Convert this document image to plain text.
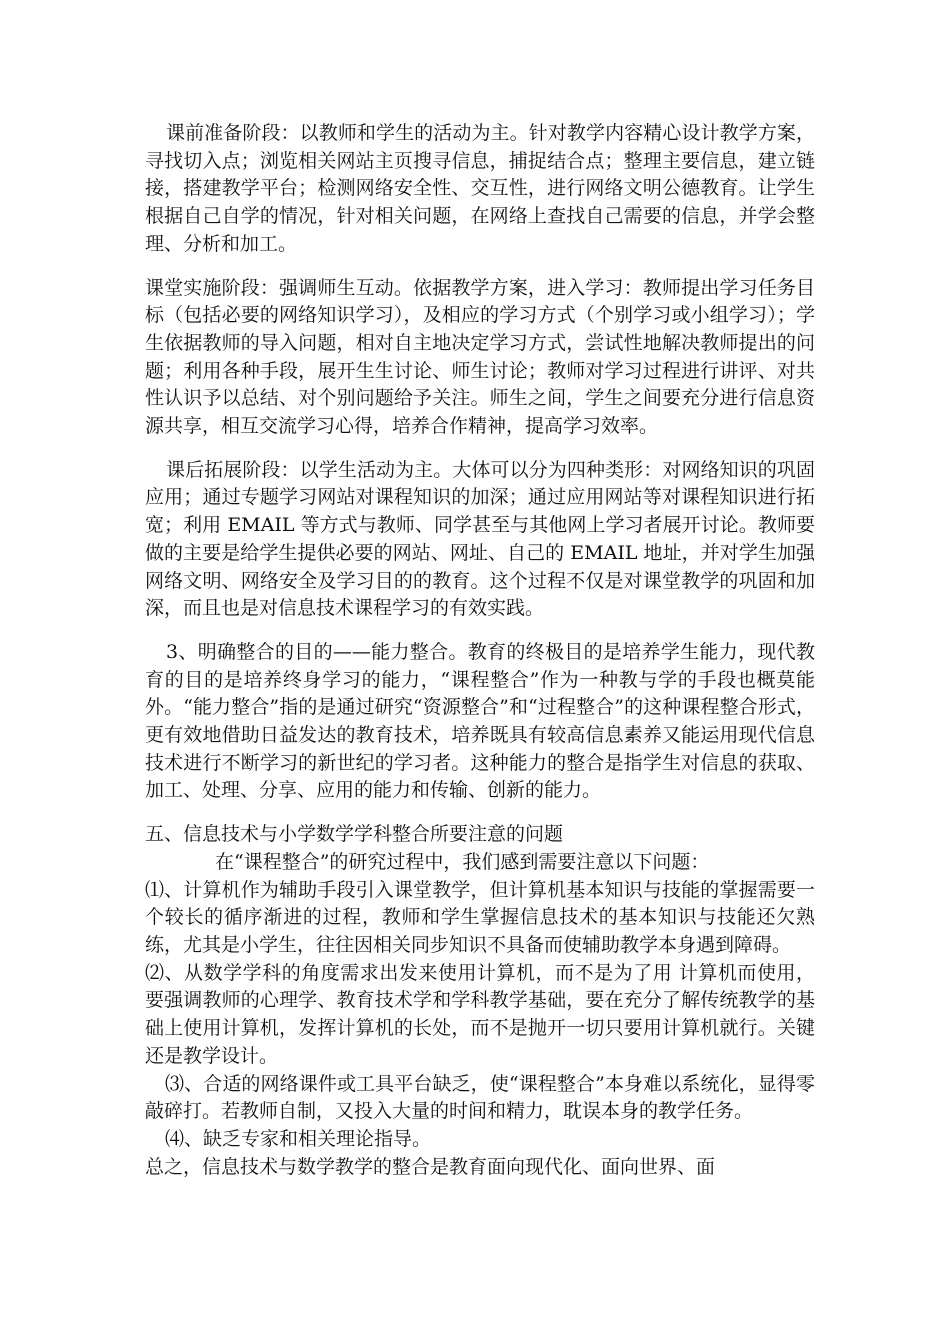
课前准备阶段：以教师和学生的活动为主。针对教学内容精心设计教学方案，寻找切入点；浏览相关网站主页搜寻信息，捕捉结合点；整理主要信息，建立链接，搭建教学平台；检测网络安全性、交互性，进行网络文明公德教育。让学生根据自己自学的情况，针对相关问题，在网络上查找自己需要的信息，并学会整理、分析和加工。

课堂实施阶段：强调师生互动。依据教学方案，进入学习：教师提出学习任务目标（包括必要的网络知识学习），及相应的学习方式（个别学习或小组学习）；学生依据教师的导入问题，相对自主地决定学习方式，尝试性地解决教师提出的问题；利用各种手段，展开生生讨论、师生讨论；教师对学习过程进行讲评、对共性认识予以总结、对个别问题给予关注。师生之间，学生之间要充分进行信息资源共享，相互交流学习心得，培养合作精神，提高学习效率。

课后拓展阶段：以学生活动为主。大体可以分为四种类形：对网络知识的巩固应用；通过专题学习网站对课程知识的加深；通过应用网站等对课程知识进行拓宽；利用 EMAIL 等方式与教师、同学甚至与其他网上学习者展开讨论。教师要做的主要是给学生提供必要的网站、网址、自己的 EMAIL 地址，并对学生加强网络文明、网络安全及学习目的的教育。这个过程不仅是对课堂教学的巩固和加深，而且也是对信息技术课程学习的有效实践。

3、明确整合的目的——能力整合。教育的终极目的是培养学生能力，现代教育的目的是培养终身学习的能力，“课程整合”作为一种教与学的手段也概莫能外。“能力整合”指的是通过研究“资源整合”和“过程整合”的这种课程整合形式，更有效地借助日益发达的教育技术，培养既具有较高信息素养又能运用现代信息技术进行不断学习的新世纪的学习者。这种能力的整合是指学生对信息的获取、加工、处理、分享、应用的能力和传输、创新的能力。

五、信息技术与小学数学学科整合所要注意的问题

在“课程整合”的研究过程中，我们感到需要注意以下问题：

⑴、计算机作为辅助手段引入课堂教学，但计算机基本知识与技能的掌握需要一个较长的循序渐进的过程，教师和学生掌握信息技术的基本知识与技能还欠熟练，尤其是小学生，往往因相关同步知识不具备而使辅助教学本身遇到障碍。

⑵、从数学学科的角度需求出发来使用计算机，而不是为了用 计算机而使用，要强调教师的心理学、教育技术学和学科教学基础，要在充分了解传统教学的基础上使用计算机，发挥计算机的长处，而不是抛开一切只要用计算机就行。关键还是教学设计。

⑶、合适的网络课件或工具平台缺乏，使“课程整合”本身难以系统化，显得零敲碎打。若教师自制，又投入大量的时间和精力，耽误本身的教学任务。

⑷、缺乏专家和相关理论指导。

总之，信息技术与数学教学的整合是教育面向现代化、面向世界、面
